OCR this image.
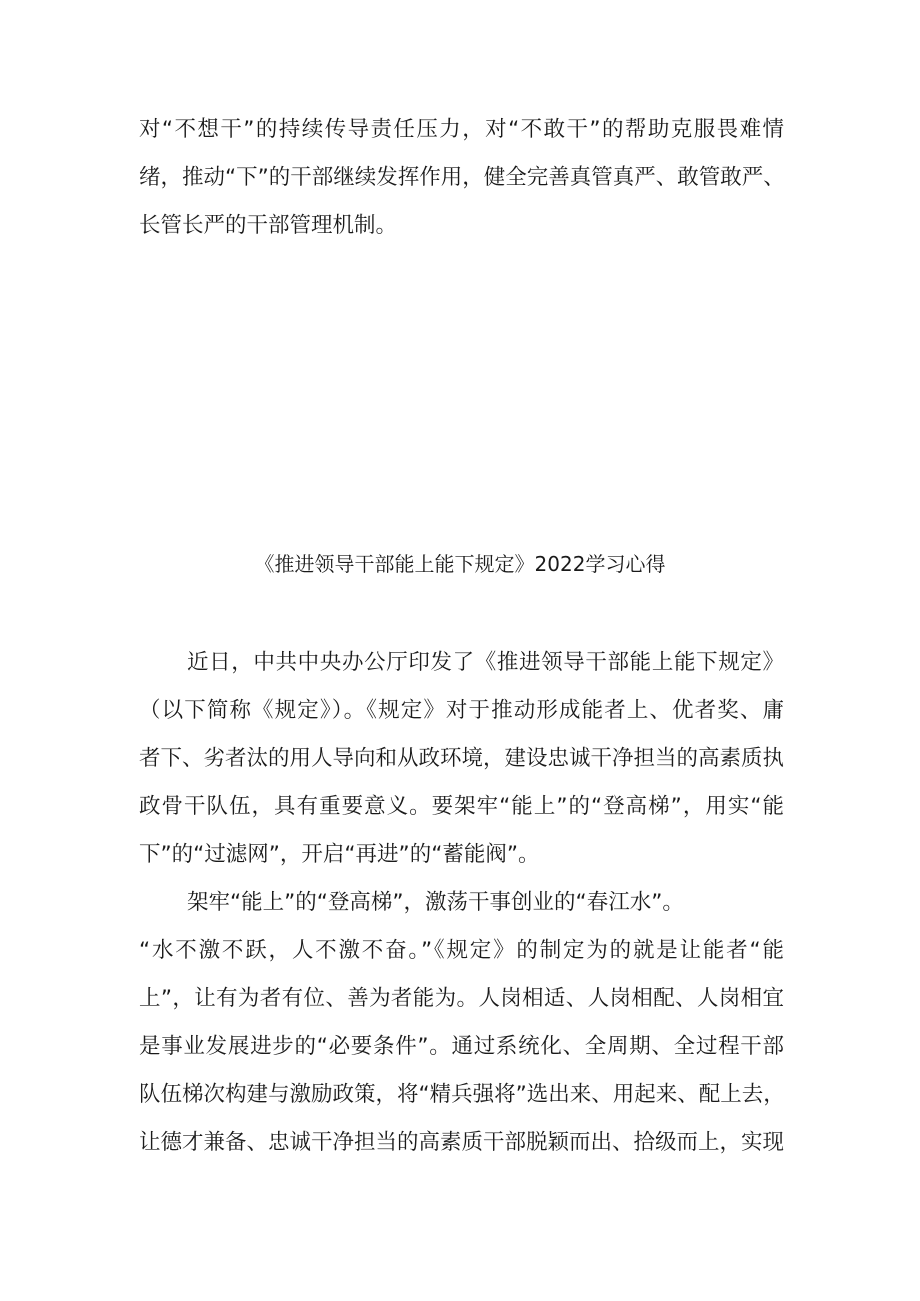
对“不想干”的持续传导责任压力，对“不敢干”的帮助克服畏难情
绪，推动“下”的干部继续发挥作用，健全完善真管真严、敢管敢严、
长管长严的干部管理机制。
《推进领导干部能上能下规定》2022学习心得
近日，中共中央办公厅印发了《推进领导干部能上能下规定》
（以下简称《规定》）。《规定》对于推动形成能者上、优者奖、庸
者下、劣者汰的用人导向和从政环境，建设忠诚干净担当的高素质执
政骨干队伍，具有重要意义。要架牢“能上”的“登高梯”，用实“能
下”的“过滤网”，开启“再进”的“蓄能阀”。
架牢“能上”的“登高梯”，激荡干事创业的“春江水”。
“水不激不跃，人不激不奋。”《规定》的制定为的就是让能者“能
上”，让有为者有位、善为者能为。人岗相适、人岗相配、人岗相宜
是事业发展进步的“必要条件”。通过系统化、全周期、全过程干部
队伍梯次构建与激励政策，将“精兵强将”选出来、用起来、配上去，
让德才兼备、忠诚干净担当的高素质干部脱颖而出、拾级而上，实现
